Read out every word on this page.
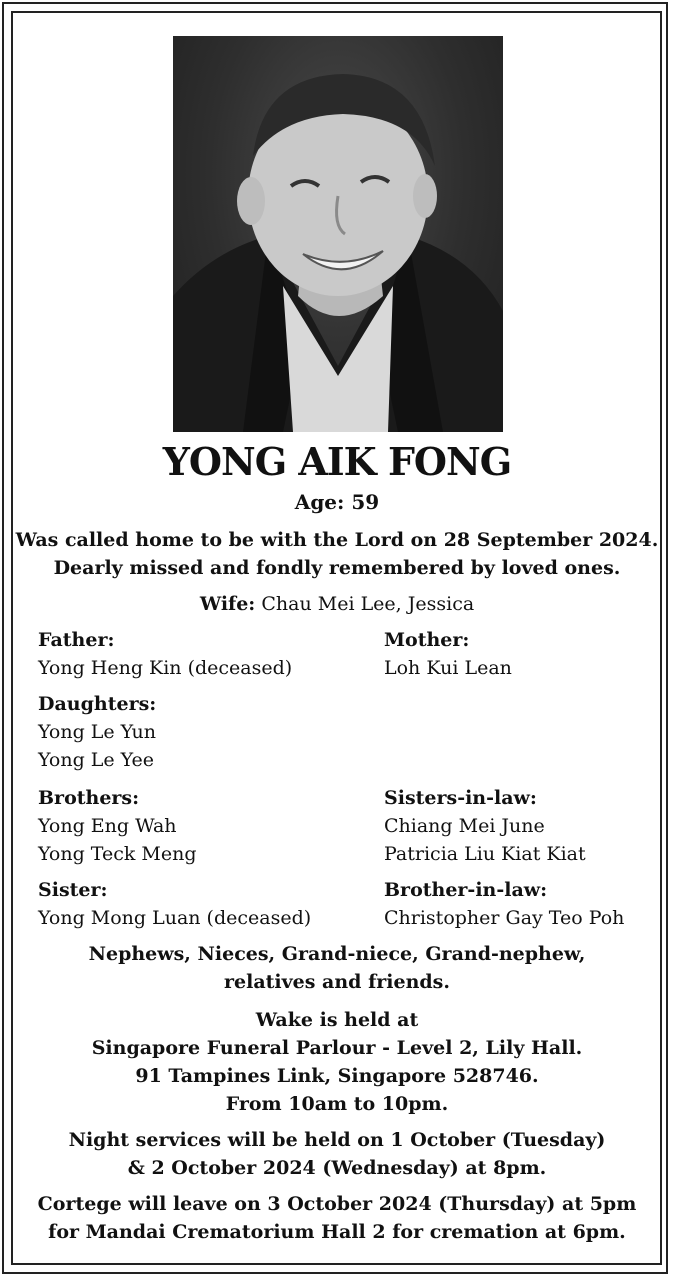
YONG AIK FONG
Age: 59
Was called home to be with the Lord on 28 September 2024.
Dearly missed and fondly remembered by loved ones.
Wife: Chau Mei Lee, Jessica
Father:
Yong Heng Kin (deceased)
Mother:
Loh Kui Lean
Daughters:
Yong Le Yun
Yong Le Yee
Brothers:
Yong Eng Wah
Yong Teck Meng
Sisters-in-law:
Chiang Mei June
Patricia Liu Kiat Kiat
Sister:
Yong Mong Luan (deceased)
Brother-in-law:
Christopher Gay Teo Poh
Nephews, Nieces, Grand-niece, Grand-nephew,
relatives and friends.
Wake is held at
Singapore Funeral Parlour - Level 2, Lily Hall.
91 Tampines Link, Singapore 528746.
From 10am to 10pm.
Night services will be held on 1 October (Tuesday)
& 2 October 2024 (Wednesday) at 8pm.
Cortege will leave on 3 October 2024 (Thursday) at 5pm
for Mandai Crematorium Hall 2 for cremation at 6pm.
